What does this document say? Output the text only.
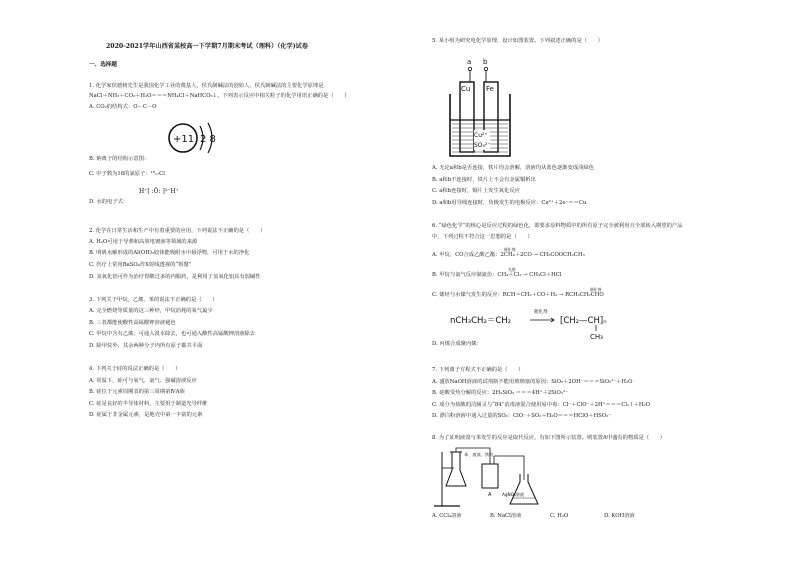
2020-2021学年山西省某校高一下学期7月期末考试（理科）（化学)试卷
一、选择题
1. 化学家侯德榜先生是我国化学工业的奠基人，侯氏制碱法的创始人，侯氏制碱法的主要化学原理是
NaCl＋NH₃＋CO₂＋H₂O＝＝＝NH₄Cl＋NaHCO₃↓。下列表示反应中相关粒子的化学用语正确的是（　　）
A. CO₂的结构式：O－C－O
+11 2 8
B. 钠离子的结构示意图：
C. 中子数为18的氯原子：¹⁸₁₇Cl
H⁺[ :Ö: ]²⁻H⁺
D. 水的电子式：
2. 化学在日常生活和生产中有着重要的应用，下列说法不正确的是（　　）
A. H₂O可用于导弹和高效电镀液等领域的来源
B. 明矾水解形成的Al(OH)₃胶体能吸附水中悬浮物，可用于水的净化
C. 医疗上常用BaSO₄作X射线透视的“钡餐”
D. 氢氧化铝可作为治疗胃酸过多的内服药，是利用了氢氧化铝具有弱碱性
3. 下列关于甲烷、乙烯、苯的说法不正确的是（　　）
A. 完全燃烧等质量的这三种烃，甲烷消耗的氧气最少
B. 三者都能使酸性高锰酸钾溶液褪色
C. 甲烷中含有乙烯，可通入溴水除去，也可通入酸性高锰酸钾溶液除去
D. 除甲烷外，其余两种分子内所有原子都共平面
4. 下列关于硅的说法正确的是（　　）
A. 常温下，硅可与氧气、氯气、强碱溶液反应
B. 硅位于元素周期表的第三周期第ⅣA族
C. 硅是良好的半导体材料，主要用于制造光导纤维
D. 硅属于非金属元素，是地壳中第一丰富的元素
5. 某小组为研究电化学原理，设计如图装置。下列叙述正确的是（　　）
a b
Cu Fe
Cu²⁺
SO₄²⁻
A. 无论a和b是否连接，铁片均会溶解，溶液均从蓝色逐渐变成浅绿色
B. a和b不连接时，铁片上不会有金属铜析出
C. a和b连接时，铜片上发生氧化反应
D. a和b用导线连接时，负极发生的电极反应：Cu²⁺＋2e⁻＝＝Cu
6. “绿色化学”的核心是反应过程的绿色化，即要求原料物质中的所有原子完全被利用且全部转入期望的产品
中，下列过程不符合这一思想的是（　　）
催化剂
A. 甲烷、CO合成乙酸乙酯：2CH₄＋2CO → CH₃COOCH₂CH₃
光照
B. 甲烷与氯气反应制氯仿：CH₄＋Cl₂ → CH₃Cl＋HCl
催化剂
C. 烯烃与水煤气发生的反应：RCH＝CH₂＋CO＋H₂ → RCH₂CH₂CHO
nCH₃CH₂＝CH₂
催化剂
[CH₂—CH]ₙ
CH₃
D. 丙烯合成聚丙烯：
7. 下列离子方程式不正确的是（　　）
A. 盛放NaOH溶液的试剂瓶不能用玻璃塞的原因：SiO₂＋2OH⁻＝＝＝SiO₃²⁻＋H₂O
B. 硅酸受热分解的反应：2H₂SiO₃ ＝＝＝4H⁺＋2SiO₃²⁻
C. 成分为盐酸的洁厕灵与“84”消毒液混合使用易中毒：Cl⁻＋ClO⁻＋2H⁺＝＝＝Cl₂↑＋H₂O
D. 漂白粉溶液中通入过量的SO₂：ClO⁻＋SO₂＋H₂O＝＝＝HClO＋HSO₃⁻
8. 为了证明液溴与苯发生的反应是取代反应，有如下图所示装置。则装置A中盛有的物质是（　　）
苯、液溴、铁粉
A	AgNO₃溶液
A. CCl₄溶液	B. NaCl溶液	C. H₂O	D. KOH溶液
